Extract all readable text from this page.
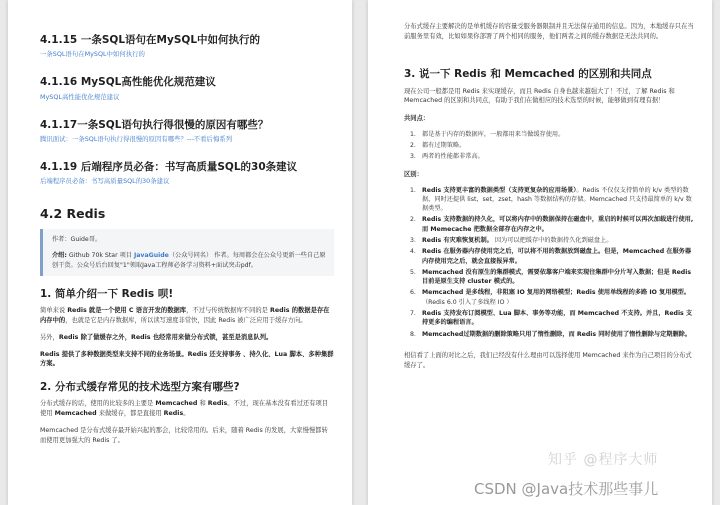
4.1.15 一条SQL语句在MySQL中如何执行的

一条SQL语句在MySQL中如何执行的

4.1.16 MySQL高性能优化规范建议

MySQL高性能优化规范建议

4.1.17一条SQL语句执行得很慢的原因有哪些？

腾讯面试：一条SQL语句执行得很慢的原因有哪些？---不看后悔系列

4.1.19 后端程序员必备：书写高质量SQL的30条建议

后端程序员必备：书写高质量SQL的30条建议

4.2 Redis

作者：Guide哥。

介绍: Github 70k Star 项目 JavaGuide（公众号同名） 作者。每周都会在公众号更新一些自己原创干货。公众号后台回复"1"领取Java工程师必备学习资料+面试突击pdf。

1. 简单介绍一下 Redis 呗!

简单来说 Redis 就是一个使用 C 语言开发的数据库，不过与传统数据库不同的是 Redis 的数据是存在内存中的，也就是它是内存数据库，所以读写速度非常快，因此 Redis 被广泛应用于缓存方向。

另外，Redis 除了做缓存之外，Redis 也经常用来做分布式锁，甚至是消息队列。

Redis 提供了多种数据类型来支持不同的业务场景。Redis 还支持事务 、持久化、Lua 脚本、多种集群方案。

2. 分布式缓存常见的技术选型方案有哪些?

分布式缓存的话，使用的比较多的主要是 Memcached 和 Redis。不过，现在基本没有看过还有项目使用 Memcached 来做缓存，都是直接用 Redis。

Memcached 是分布式缓存最开始兴起的那会，比较常用的。后来，随着 Redis 的发展，大家慢慢都转而使用更加强大的 Redis 了。

分布式缓存主要解决的是单机缓存的容量受服务器限制并且无法保存通用的信息。因为，本地缓存只在当前服务里有效，比如如果你部署了两个相同的服务，他们两者之间的缓存数据是无法共同的。

3. 说一下 Redis 和 Memcached 的区别和共同点

现在公司一般都是用 Redis 来实现缓存，而且 Redis 自身也越来越强大了！不过，了解 Redis 和 Memcached 的区别和共同点，有助于我们在做相应的技术选型的时候，能够做到有理有据！

共同点：

1. 都是基于内存的数据库，一般都用来当做缓存使用。
2. 都有过期策略。
3. 两者的性能都非常高。

区别：

1. Redis 支持更丰富的数据类型（支持更复杂的应用场景）。Redis 不仅仅支持简单的 k/v 类型的数据，同时还提供 list，set，zset，hash 等数据结构的存储。Memcached 只支持最简单的 k/v 数据类型。
2. Redis 支持数据的持久化，可以将内存中的数据保持在磁盘中，重启的时候可以再次加载进行使用,而 Memecache 把数据全部存在内存之中。
3. Redis 有灾难恢复机制。 因为可以把缓存中的数据持久化到磁盘上。
4. Redis 在服务器内存使用完之后，可以将不用的数据放到磁盘上。但是，Memcached 在服务器内存使用完之后，就会直接报异常。
5. Memcached 没有原生的集群模式，需要依靠客户端来实现往集群中分片写入数据；但是 Redis 目前是原生支持 cluster 模式的。
6. Memcached 是多线程，非阻塞 IO 复用的网络模型；Redis 使用单线程的多路 IO 复用模型。 （Redis 6.0 引入了多线程 IO ）
7. Redis 支持发布订阅模型、Lua 脚本、事务等功能，而 Memcached 不支持。并且，Redis 支持更多的编程语言。
8. Memcached过期数据的删除策略只用了惰性删除，而 Redis 同时使用了惰性删除与定期删除。

相信看了上面的对比之后，我们已经没有什么理由可以选择使用 Memcached 来作为自己项目的分布式缓存了。

知乎 @程序大师
CSDN @Java技术那些事儿
